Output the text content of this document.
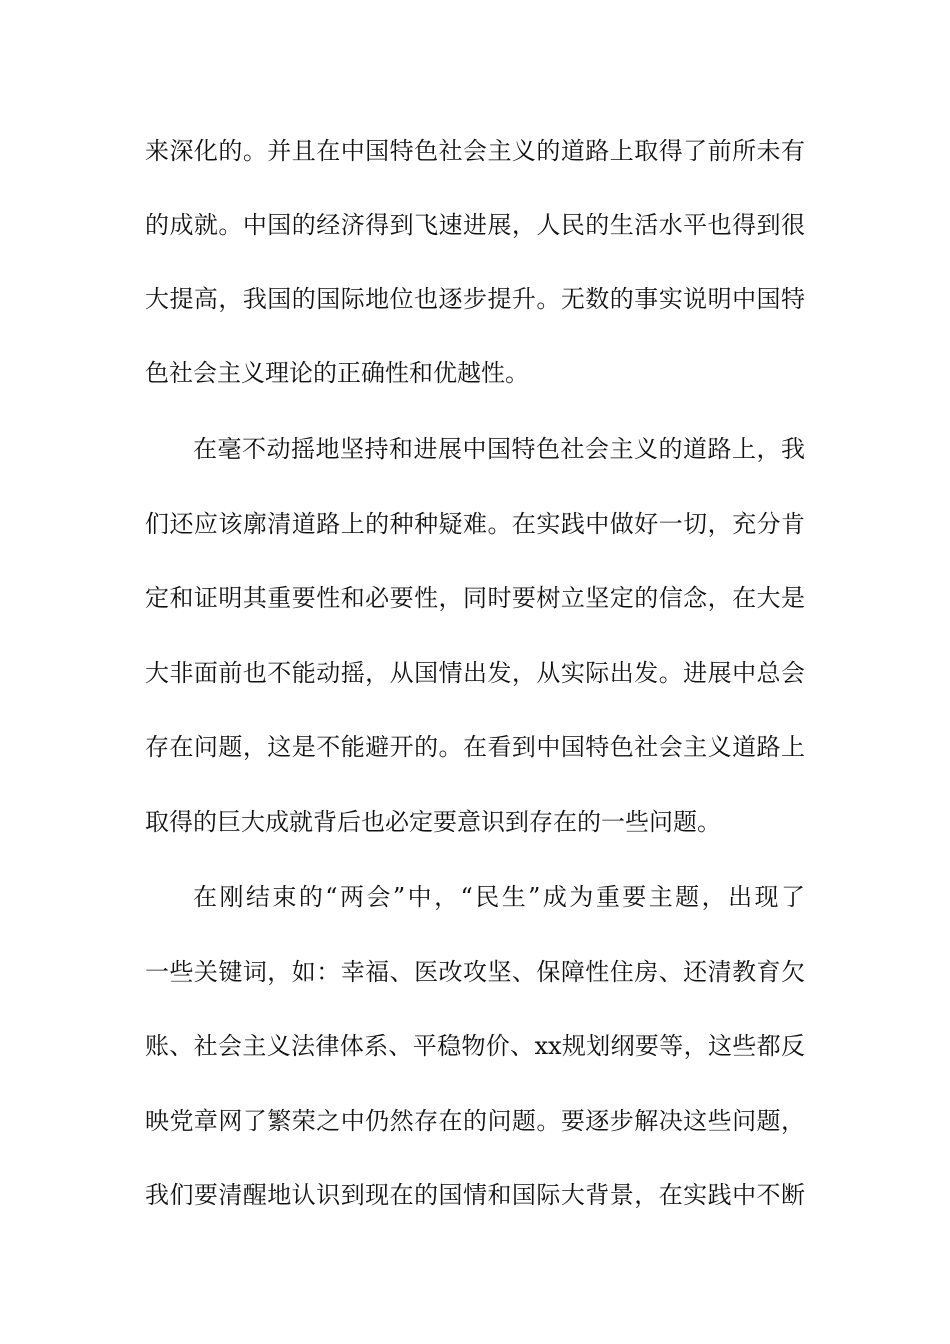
来深化的。并且在中国特色社会主义的道路上取得了前所未有
的成就。中国的经济得到飞速进展，人民的生活水平也得到很
大提高，我国的国际地位也逐步提升。无数的事实说明中国特
色社会主义理论的正确性和优越性。
在毫不动摇地坚持和进展中国特色社会主义的道路上，我
们还应该廓清道路上的种种疑难。在实践中做好一切，充分肯
定和证明其重要性和必要性，同时要树立坚定的信念，在大是
大非面前也不能动摇，从国情出发，从实际出发。进展中总会
存在问题，这是不能避开的。在看到中国特色社会主义道路上
取得的巨大成就背后也必定要意识到存在的一些问题。
在刚结束的“两会”中，“民生”成为重要主题，出现了
一些关键词，如：幸福、医改攻坚、保障性住房、还清教育欠
账、社会主义法律体系、平稳物价、xx规划纲要等，这些都反
映党章网了繁荣之中仍然存在的问题。要逐步解决这些问题，
我们要清醒地认识到现在的国情和国际大背景，在实践中不断
